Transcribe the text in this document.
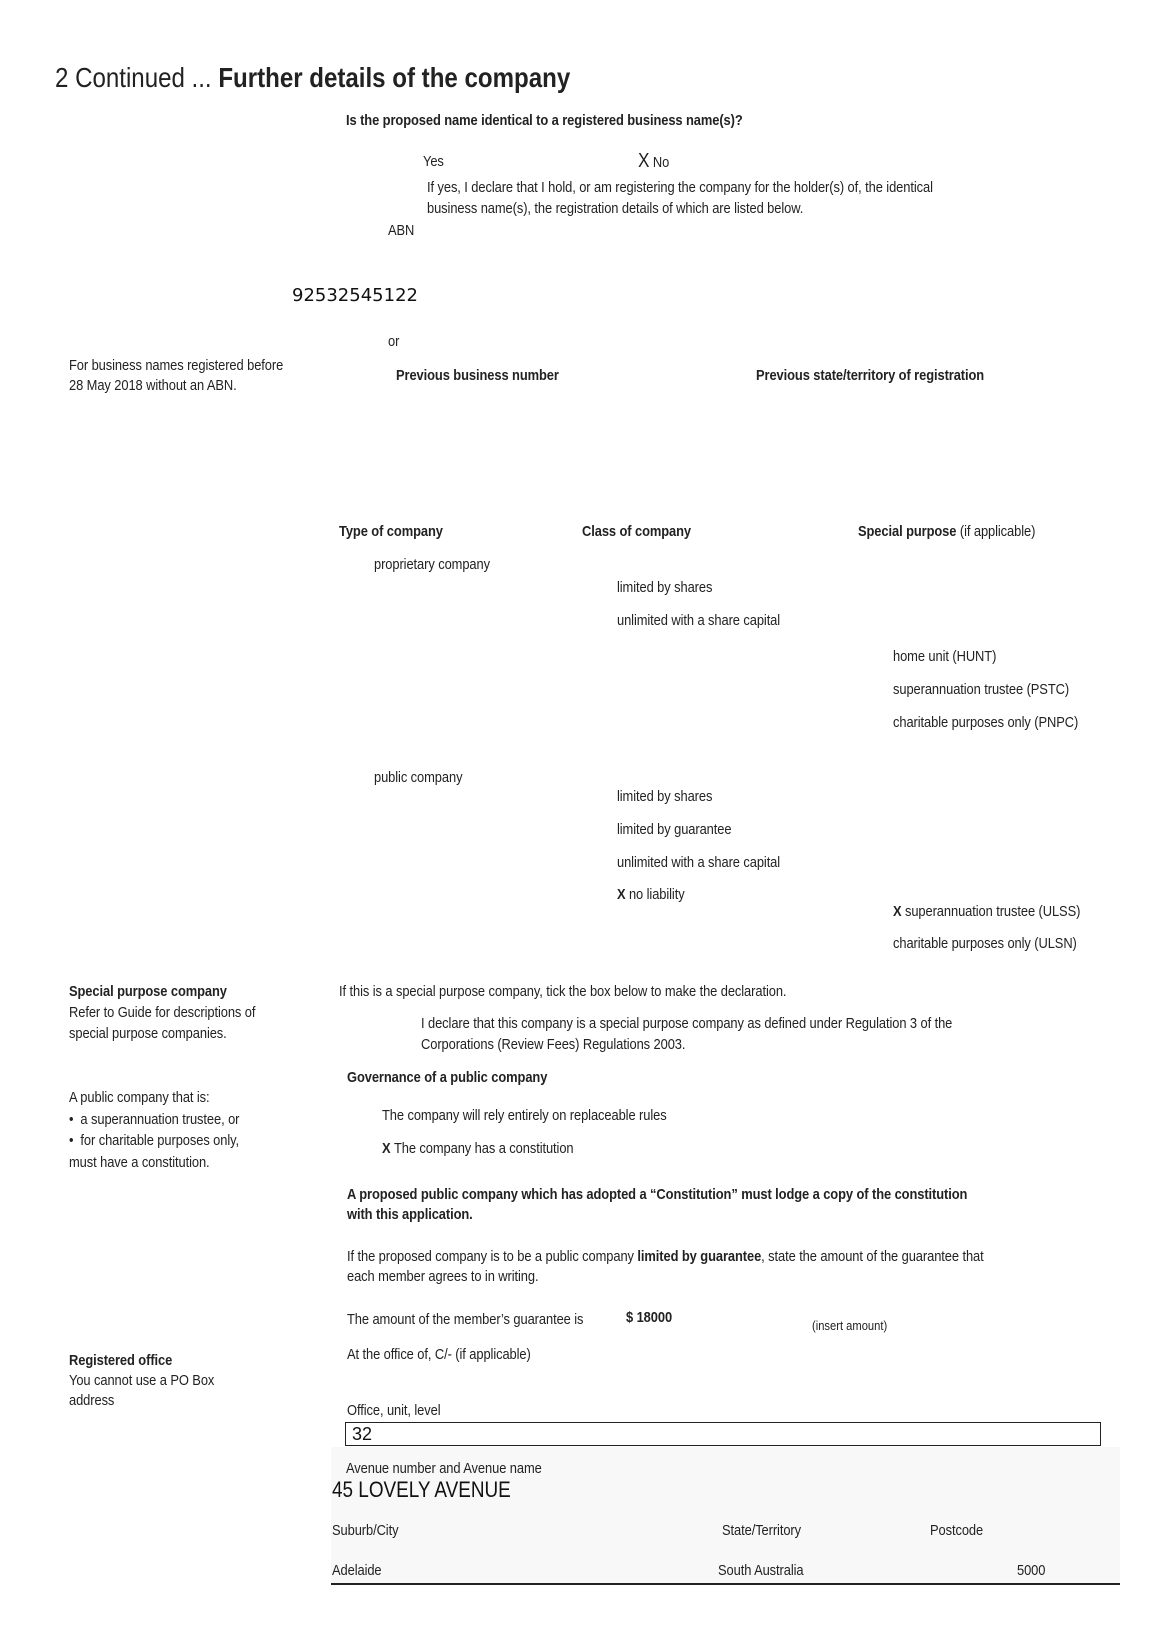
2 Continued ... Further details of the company
Is the proposed name identical to a registered business name(s)?
Yes	X No
If yes, I declare that I hold, or am registering the company for the holder(s) of, the identical
business name(s), the registration details of which are listed below.
ABN
92532545122
or
For business names registered before
28 May 2018 without an ABN.
Previous business number	Previous state/territory of registration
Type of company	Class of company	Special purpose (if applicable)
proprietary company
limited by shares
unlimited with a share capital
home unit (HUNT)
superannuation trustee (PSTC)
charitable purposes only (PNPC)
public company
limited by shares
limited by guarantee
unlimited with a share capital
X no liability
X superannuation trustee (ULSS)
charitable purposes only (ULSN)
Special purpose company
Refer to Guide for descriptions of
special purpose companies.
If this is a special purpose company, tick the box below to make the declaration.
I declare that this company is a special purpose company as defined under Regulation 3 of the
Corporations (Review Fees) Regulations 2003.
Governance of a public company
A public company that is:
•  a superannuation trustee, or
•  for charitable purposes only,
must have a constitution.
The company will rely entirely on replaceable rules
X The company has a constitution
A proposed public company which has adopted a “Constitution” must lodge a copy of the constitution
with this application.
If the proposed company is to be a public company limited by guarantee, state the amount of the guarantee that
each member agrees to in writing.
The amount of the member’s guarantee is	$ 18000	(insert amount)
Registered office
You cannot use a PO Box
address
At the office of, C/- (if applicable)
Office, unit, level
32
Avenue number and Avenue name
45 LOVELY AVENUE
Suburb/City	State/Territory	Postcode
Adelaide	South Australia	5000
